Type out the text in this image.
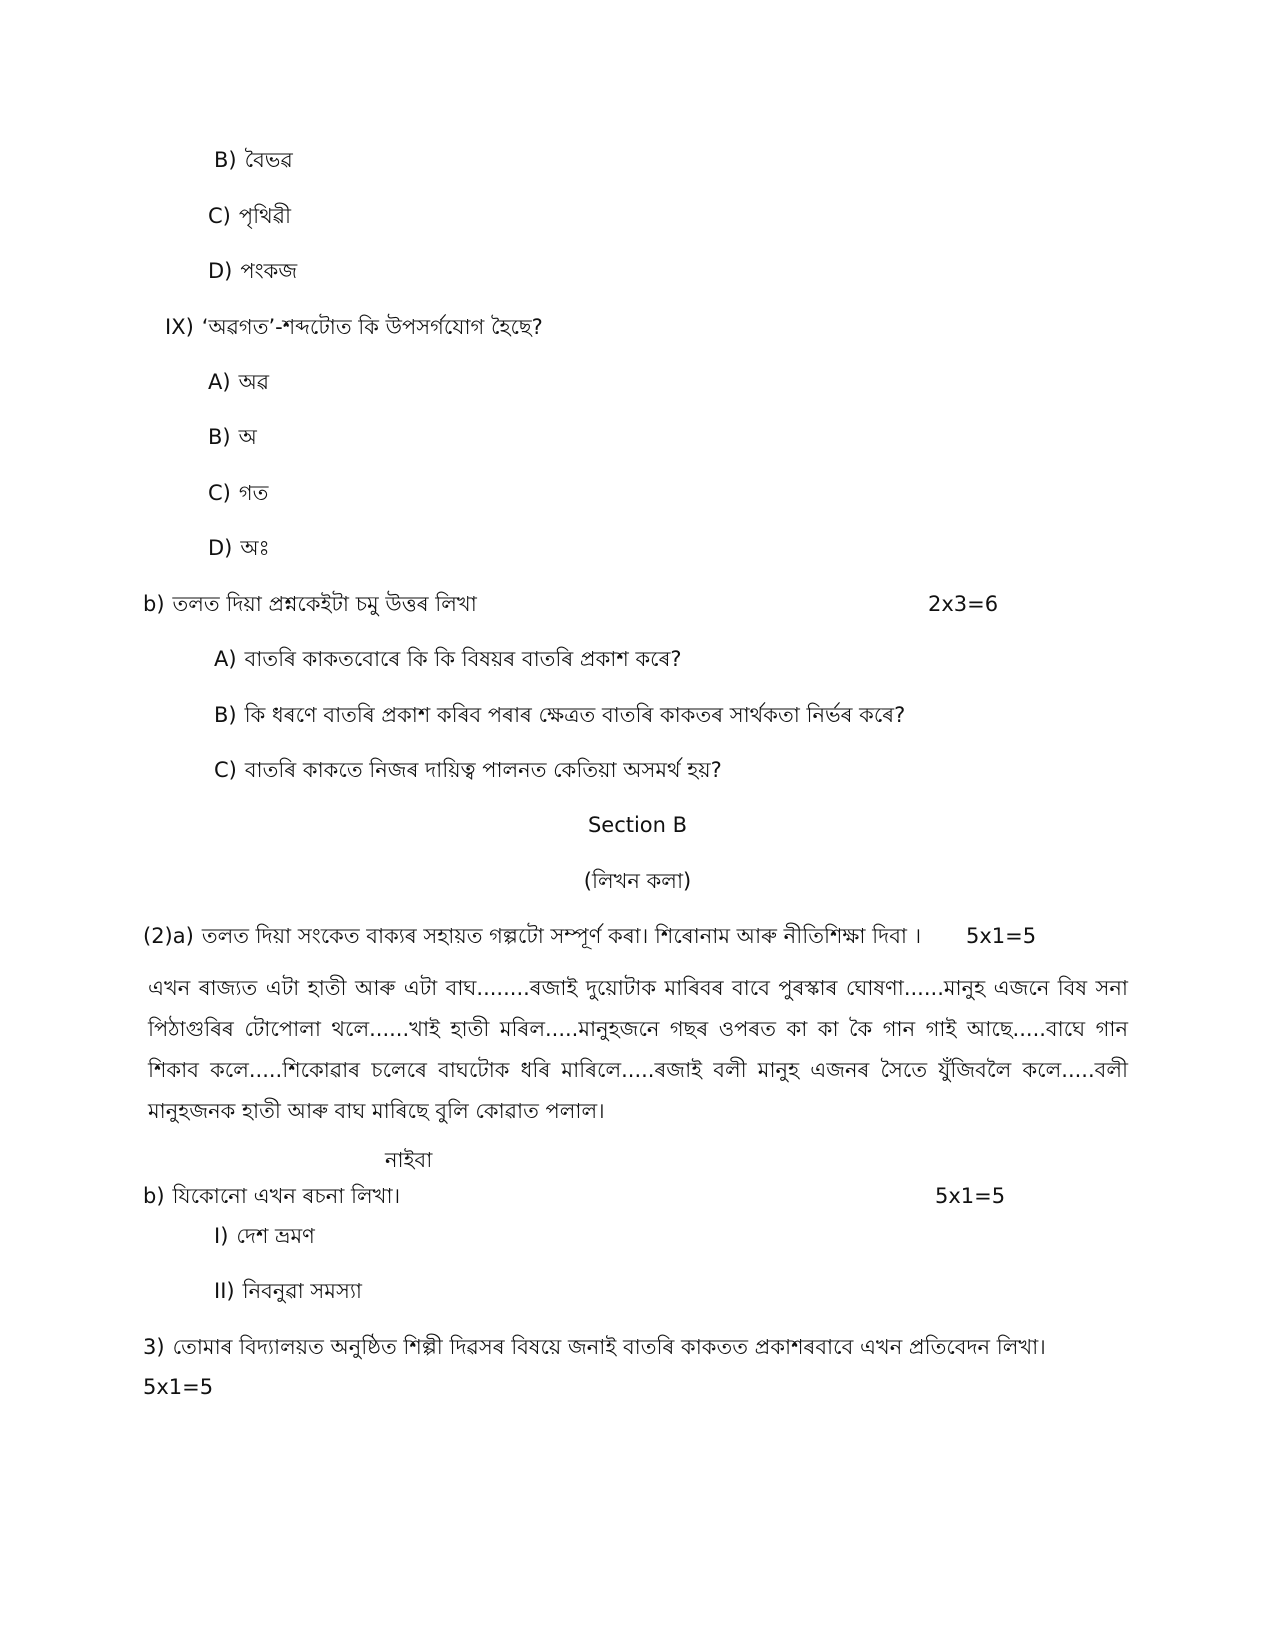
B) বৈভৱ
C) পৃথিৱী
D) পংকজ
IX) ‘অৱগত’-শব্দটোত কি উপসৰ্গযোগ হৈছে?
A) অৱ
B) অ
C) গত
D) অঃ
b) তলত দিয়া প্ৰশ্নকেইটা চমু উত্তৰ লিখা	2x3=6
A) বাতৰি কাকতবোৰে কি কি বিষয়ৰ বাতৰি প্ৰকাশ কৰে?
B) কি ধৰণে বাতৰি প্ৰকাশ কৰিব পৰাৰ ক্ষেত্ৰত বাতৰি কাকতৰ সাৰ্থকতা নিৰ্ভৰ কৰে?
C) বাতৰি কাকতে নিজৰ দায়িত্ব পালনত কেতিয়া অসমৰ্থ হয়?
Section B
(লিখন কলা)
(2)a) তলত দিয়া সংকেত বাক্যৰ সহায়ত গল্পটো সম্পূৰ্ণ কৰা। শিৰোনাম আৰু নীতিশিক্ষা দিবা । 5x1=5
এখন ৰাজ্যত এটা হাতী আৰু এটা বাঘ........ৰজাই দুয়োটাক মাৰিবৰ বাবে পুৰস্কাৰ ঘোষণা......মানুহ এজনে বিষ সনা পিঠাগুৰিৰ টোপোলা থলে......খাই হাতী মৰিল.....মানুহজনে গছৰ ওপৰত কা কা কৈ গান গাই আছে.....বাঘে গান শিকাব কলে.....শিকোৱাৰ চলেৰে বাঘটোক ধৰি মাৰিলে.....ৰজাই বলী মানুহ এজনৰ সৈতে যুঁজিবলৈ কলে.....বলী মানুহজনক হাতী আৰু বাঘ মাৰিছে বুলি কোৱাত পলাল।
নাইবা
b) যিকোনো এখন ৰচনা লিখা।	5x1=5
I) দেশ ভ্ৰমণ
II) নিবনুৱা সমস্যা
3) তোমাৰ বিদ্যালয়ত অনুষ্ঠিত শিল্পী দিৱসৰ বিষয়ে জনাই বাতৰি কাকতত প্ৰকাশৰবাবে এখন প্ৰতিবেদন লিখা।
5x1=5
